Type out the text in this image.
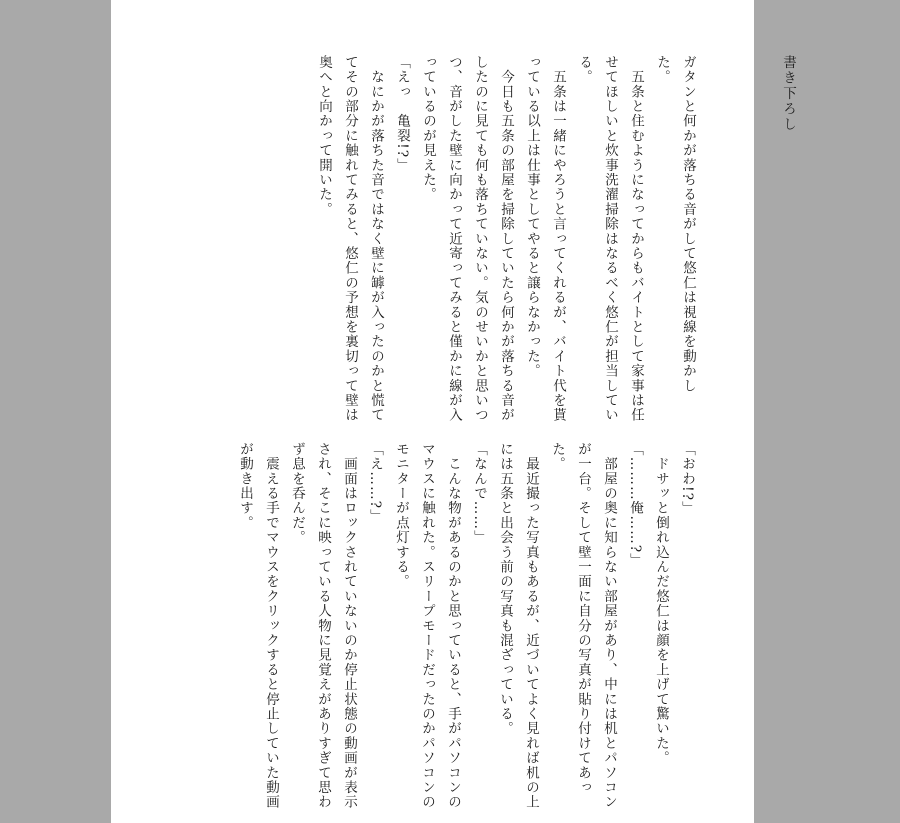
書き下ろし

ガタンと何かが落ちる音がして悠仁は視線を動かし

た。

　五条と住むようになってからもバイトとして家事は任

せてほしいと炊事洗濯掃除はなるべく悠仁が担当してい

る。

　五条は一緒にやろうと言ってくれるが、バイト代を貰

っている以上は仕事としてやると譲らなかった。

　今日も五条の部屋を掃除していたら何かが落ちる音が

したのに見ても何も落ちていない。気のせいかと思いつ

つ、音がした壁に向かって近寄ってみると僅かに線が入

っているのが見えた。

「えっ　亀裂!?」

　なにかが落ちた音ではなく壁に罅が入ったのかと慌て

てその部分に触れてみると、悠仁の予想を裏切って壁は

奥へと向かって開いた。

「おわ!?」

　ドサッと倒れ込んだ悠仁は顔を上げて驚いた。

「………俺……?」

　部屋の奥に知らない部屋があり、中には机とパソコン

が一台。そして壁一面に自分の写真が貼り付けてあっ

た。

　最近撮った写真もあるが、近づいてよく見れば机の上

には五条と出会う前の写真も混ざっている。

「なんで……」

　こんな物があるのかと思っていると、手がパソコンの

マウスに触れた。スリープモードだったのかパソコンの

モニターが点灯する。

「え……?」

　画面はロックされていないのか停止状態の動画が表示

され、そこに映っている人物に見覚えがありすぎて思わ

ず息を呑んだ。

　震える手でマウスをクリックすると停止していた動画

が動き出す。
